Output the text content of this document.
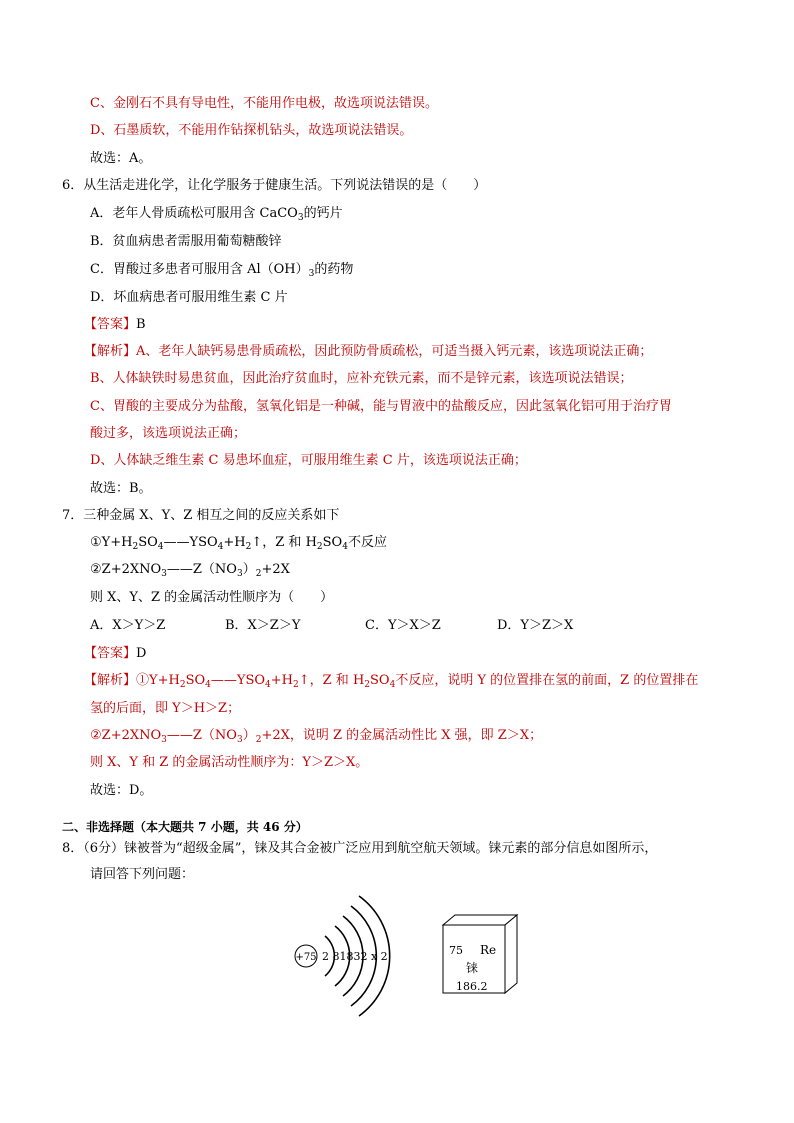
C、金刚石不具有导电性，不能用作电极，故选项说法错误。
D、石墨质软，不能用作钻探机钻头，故选项说法错误。
故选：A。
6．从生活走进化学，让化学服务于健康生活。下列说法错误的是（　　）
A．老年人骨质疏松可服用含 CaCO$_3$的钙片
B．贫血病患者需服用葡萄糖酸锌
C．胃酸过多患者可服用含 $Al(OH)_3$的药物
D．坏血病患者可服用维生素 C 片
【答案】B
【解析】A、老年人缺钙易患骨质疏松，因此预防骨质疏松，可适当摄入钙元素，该选项说法正确；
B、人体缺铁时易患贫血，因此治疗贫血时，应补充铁元素，而不是锌元素，该选项说法错误；
C、胃酸的主要成分为盐酸，氢氧化铝是一种碱，能与胃液中的盐酸反应，因此氢氧化铝可用于治疗胃
酸过多，该选项说法正确；
D、人体缺乏维生素 C 易患坏血症，可服用维生素 C 片，该选项说法正确；
故选：B。
7．三种金属 X、Y、Z 相互之间的反应关系如下
$①Y+H_2SO_4——YSO_4+H_2↑$，Z 和 $H_2SO_4$不反应
$②Z+2XNO_3——Z(NO_3)_2+2X$
则 X、Y、Z 的金属活动性顺序为（　　）
A．X＞Y＞Z	B．X＞Z＞Y	C．Y＞X＞Z	D．Y＞Z＞X
【答案】D
【解析】$①Y+H_2SO_4——YSO_4+H_2↑$，Z 和 $H_2SO_4$不反应，说明 Y 的位置排在氢的前面，Z 的位置排在
氢的后面，即 Y＞H＞Z；
$②Z+2XNO_3——Z(NO_3)_2+2X$，说明 Z 的金属活动性比 X 强，即 Z＞X；
则 X、Y 和 Z 的金属活动性顺序为：Y＞Z＞X。
故选：D。
二、非选择题（本大题共 7 小题，共 46 分）
8．（6分）铼被誉为“超级金属”，铼及其合金被广泛应用到航空航天领域。铼元素的部分信息如图所示，
请回答下列问题：
+75 2 81832 x 2	75 Re
铼
186.2
